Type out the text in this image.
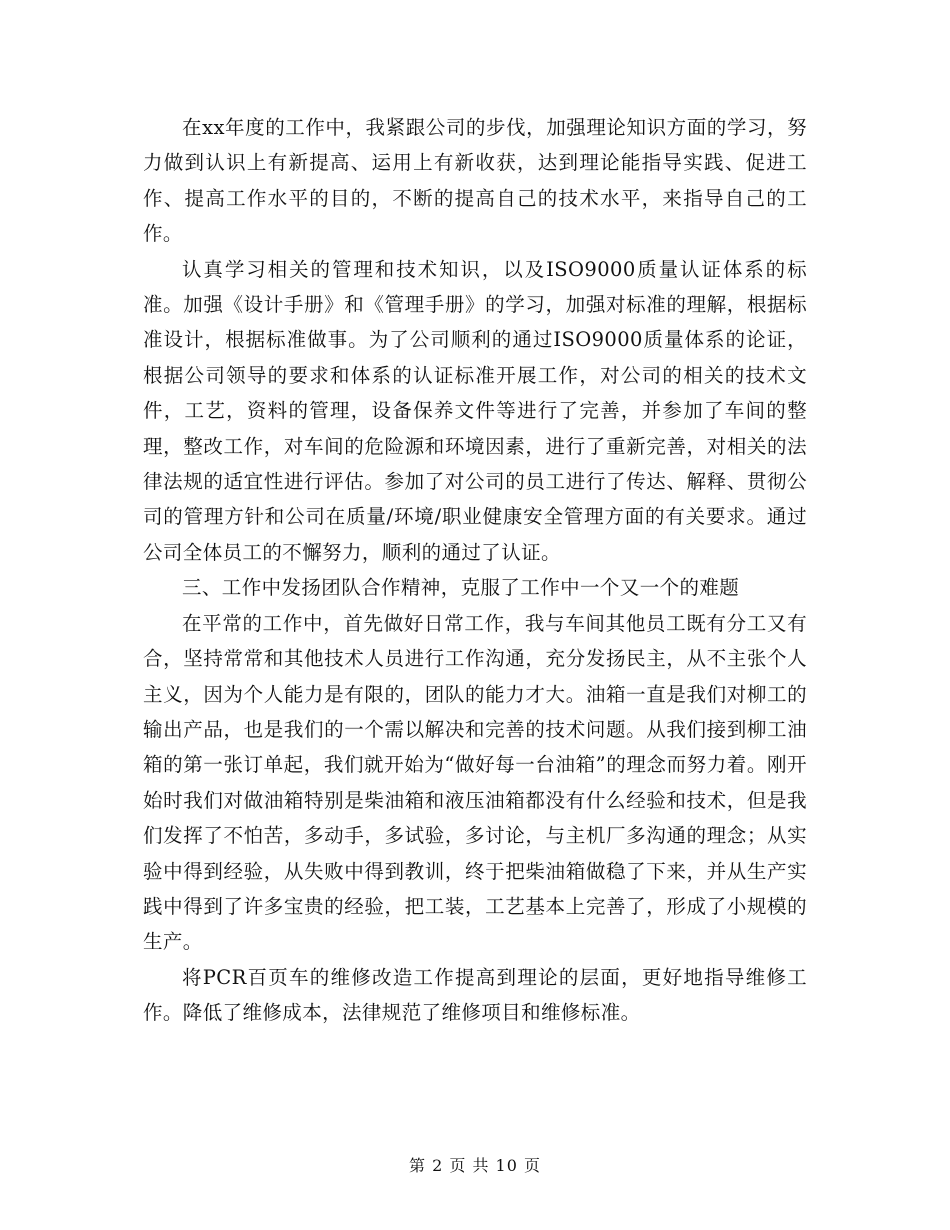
在xx年度的工作中，我紧跟公司的步伐，加强理论知识方面的学习，努力做到认识上有新提高、运用上有新收获，达到理论能指导实践、促进工作、提高工作水平的目的，不断的提高自己的技术水平，来指导自己的工作。

认真学习相关的管理和技术知识，以及ISO9000质量认证体系的标准。加强《设计手册》和《管理手册》的学习，加强对标准的理解，根据标准设计，根据标准做事。为了公司顺利的通过ISO9000质量体系的论证，根据公司领导的要求和体系的认证标准开展工作，对公司的相关的技术文件，工艺，资料的管理，设备保养文件等进行了完善，并参加了车间的整理，整改工作，对车间的危险源和环境因素，进行了重新完善，对相关的法律法规的适宜性进行评估。参加了对公司的员工进行了传达、解释、贯彻公司的管理方针和公司在质量/环境/职业健康安全管理方面的有关要求。通过公司全体员工的不懈努力，顺利的通过了认证。

三、工作中发扬团队合作精神，克服了工作中一个又一个的难题

在平常的工作中，首先做好日常工作，我与车间其他员工既有分工又有合，坚持常常和其他技术人员进行工作沟通，充分发扬民主，从不主张个人主义，因为个人能力是有限的，团队的能力才大。油箱一直是我们对柳工的输出产品，也是我们的一个需以解决和完善的技术问题。从我们接到柳工油箱的第一张订单起，我们就开始为“做好每一台油箱”的理念而努力着。刚开始时我们对做油箱特别是柴油箱和液压油箱都没有什么经验和技术，但是我们发挥了不怕苦，多动手，多试验，多讨论，与主机厂多沟通的理念；从实验中得到经验，从失败中得到教训，终于把柴油箱做稳了下来，并从生产实践中得到了许多宝贵的经验，把工装，工艺基本上完善了，形成了小规模的生产。

将PCR百页车的维修改造工作提高到理论的层面，更好地指导维修工作。降低了维修成本，法律规范了维修项目和维修标准。

第 2 页 共 10 页
